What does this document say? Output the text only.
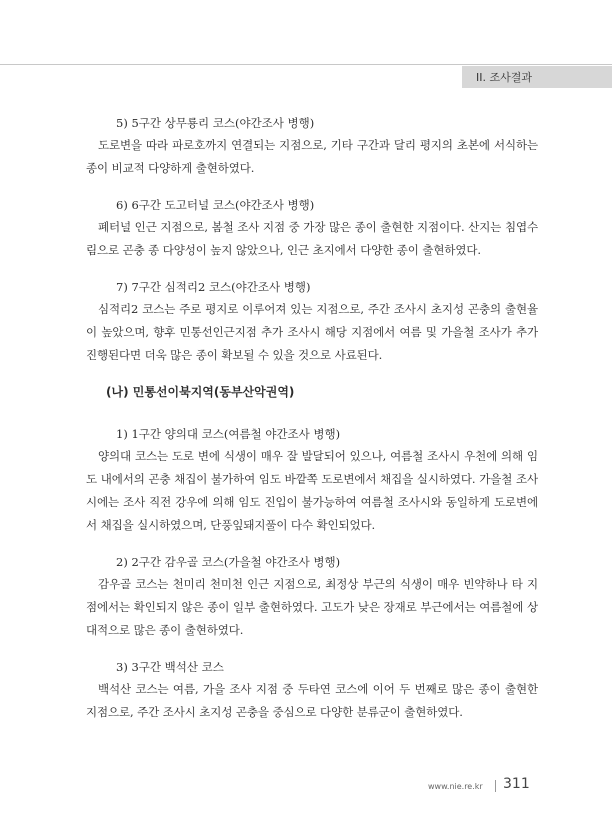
II. 조사결과
5) 5구간 상무룡리 코스(야간조사 병행)
도로변을 따라 파로호까지 연결되는 지점으로, 기타 구간과 달리 평지의 초본에 서식하는 종이 비교적 다양하게 출현하였다.
6) 6구간 도고터널 코스(야간조사 병행)
폐터널 인근 지점으로, 봄철 조사 지점 중 가장 많은 종이 출현한 지점이다. 산지는 침엽수림으로 곤충 종 다양성이 높지 않았으나, 인근 초지에서 다양한 종이 출현하였다.
7) 7구간 심적리2 코스(야간조사 병행)
심적리2 코스는 주로 평지로 이루어져 있는 지점으로, 주간 조사시 초지성 곤충의 출현율이 높았으며, 향후 민통선인근지점 추가 조사시 해당 지점에서 여름 및 가을철 조사가 추가 진행된다면 더욱 많은 종이 확보될 수 있을 것으로 사료된다.
(나) 민통선이북지역(동부산악권역)
1) 1구간 양의대 코스(여름철 야간조사 병행)
양의대 코스는 도로 변에 식생이 매우 잘 발달되어 있으나, 여름철 조사시 우천에 의해 임도 내에서의 곤충 채집이 불가하여 임도 바깥쪽 도로변에서 채집을 실시하였다. 가을철 조사시에는 조사 직전 강우에 의해 임도 진입이 불가능하여 여름철 조사시와 동일하게 도로변에서 채집을 실시하였으며, 단풍잎돼지풀이 다수 확인되었다.
2) 2구간 감우골 코스(가을철 야간조사 병행)
감우골 코스는 천미리 천미천 인근 지점으로, 최정상 부근의 식생이 매우 빈약하나 타 지점에서는 확인되지 않은 종이 일부 출현하였다. 고도가 낮은 장재로 부근에서는 여름철에 상대적으로 많은 종이 출현하였다.
3) 3구간 백석산 코스
백석산 코스는 여름, 가을 조사 지점 중 두타연 코스에 이어 두 번째로 많은 종이 출현한 지점으로, 주간 조사시 초지성 곤충을 중심으로 다양한 분류군이 출현하였다.
www.nie.re.kr 311
